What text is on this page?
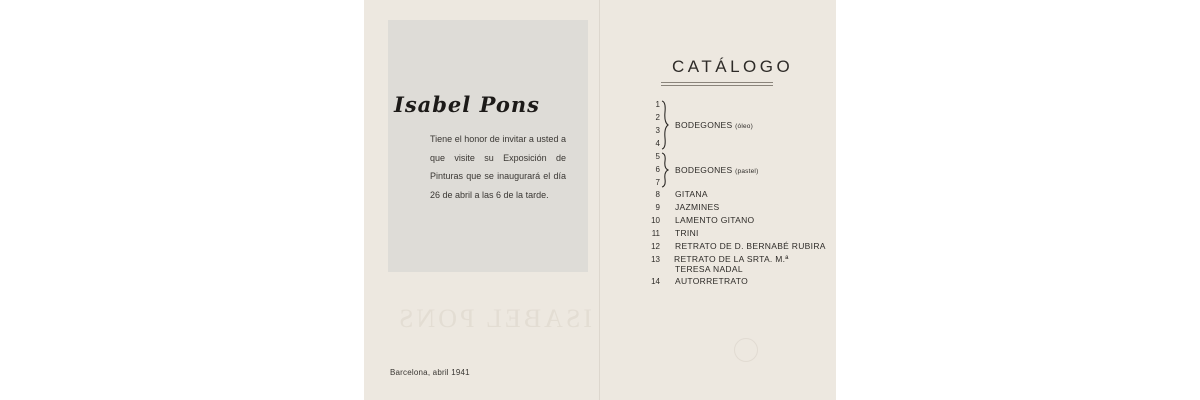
ISABEL PONS
Isabel Pons
Tiene el honor de invitar a usted a que visite su Exposición de Pinturas que se inaugurará el día 26 de abril a las 6 de la tarde.
Barcelona, abril 1941
CATÁLOGO
1
2
3
4
BODEGONES (óleo)
5
6
7
BODEGONES (pastel)
8 GITANA
9 JAZMINES
10 LAMENTO GITANO
11 TRINI
12 RETRATO DE D. BERNABÉ RUBIRA
13 RETRATO DE LA SRTA. M.ª TERESA NADAL
14 AUTORRETRATO
